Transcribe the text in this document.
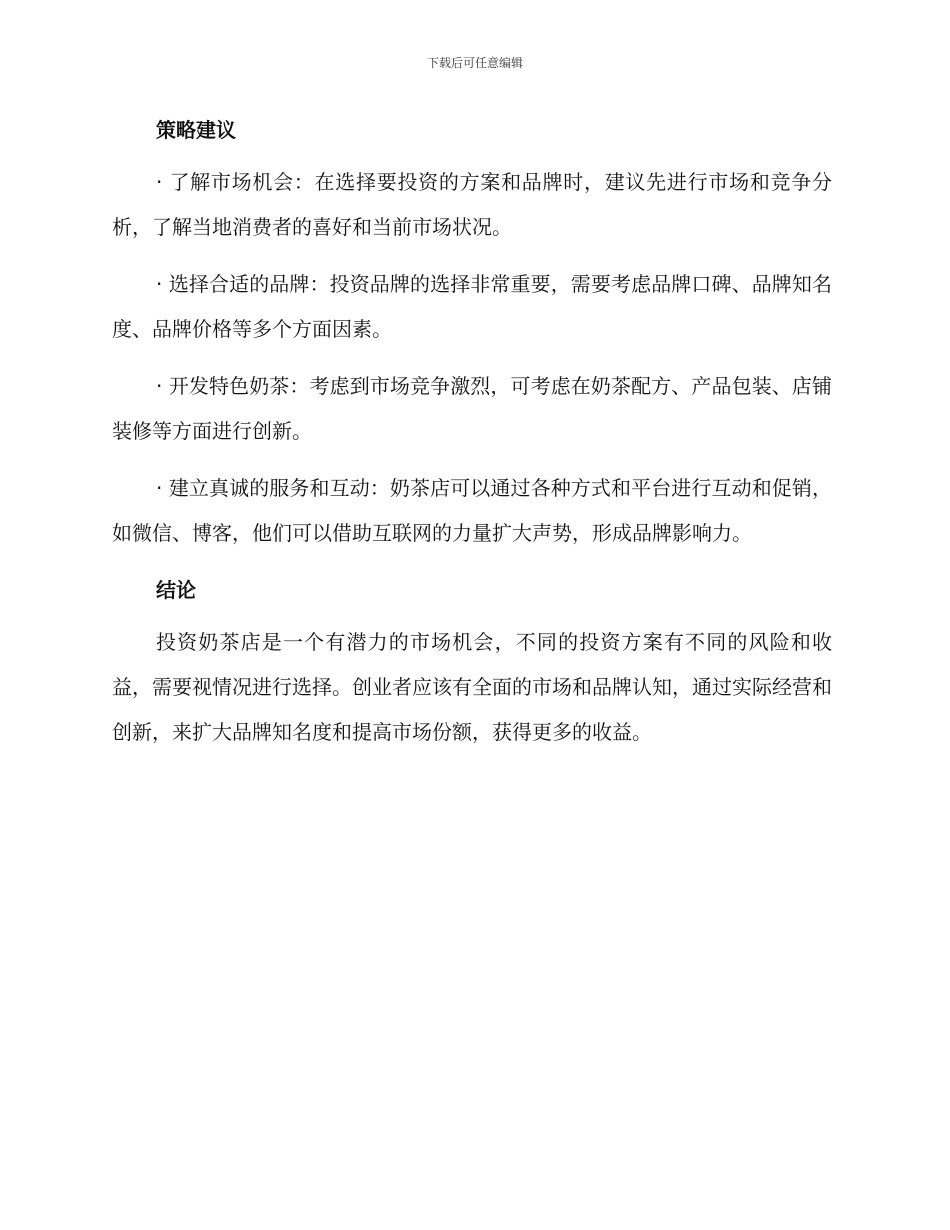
下载后可任意编辑
策略建议

· 了解市场机会：在选择要投资的方案和品牌时，建议先进行市场和竞争分析，了解当地消费者的喜好和当前市场状况。

· 选择合适的品牌：投资品牌的选择非常重要，需要考虑品牌口碑、品牌知名度、品牌价格等多个方面因素。

· 开发特色奶茶：考虑到市场竞争激烈，可考虑在奶茶配方、产品包装、店铺装修等方面进行创新。

· 建立真诚的服务和互动：奶茶店可以通过各种方式和平台进行互动和促销，如微信、博客，他们可以借助互联网的力量扩大声势，形成品牌影响力。

结论

投资奶茶店是一个有潜力的市场机会，不同的投资方案有不同的风险和收益，需要视情况进行选择。创业者应该有全面的市场和品牌认知，通过实际经营和创新，来扩大品牌知名度和提高市场份额，获得更多的收益。
